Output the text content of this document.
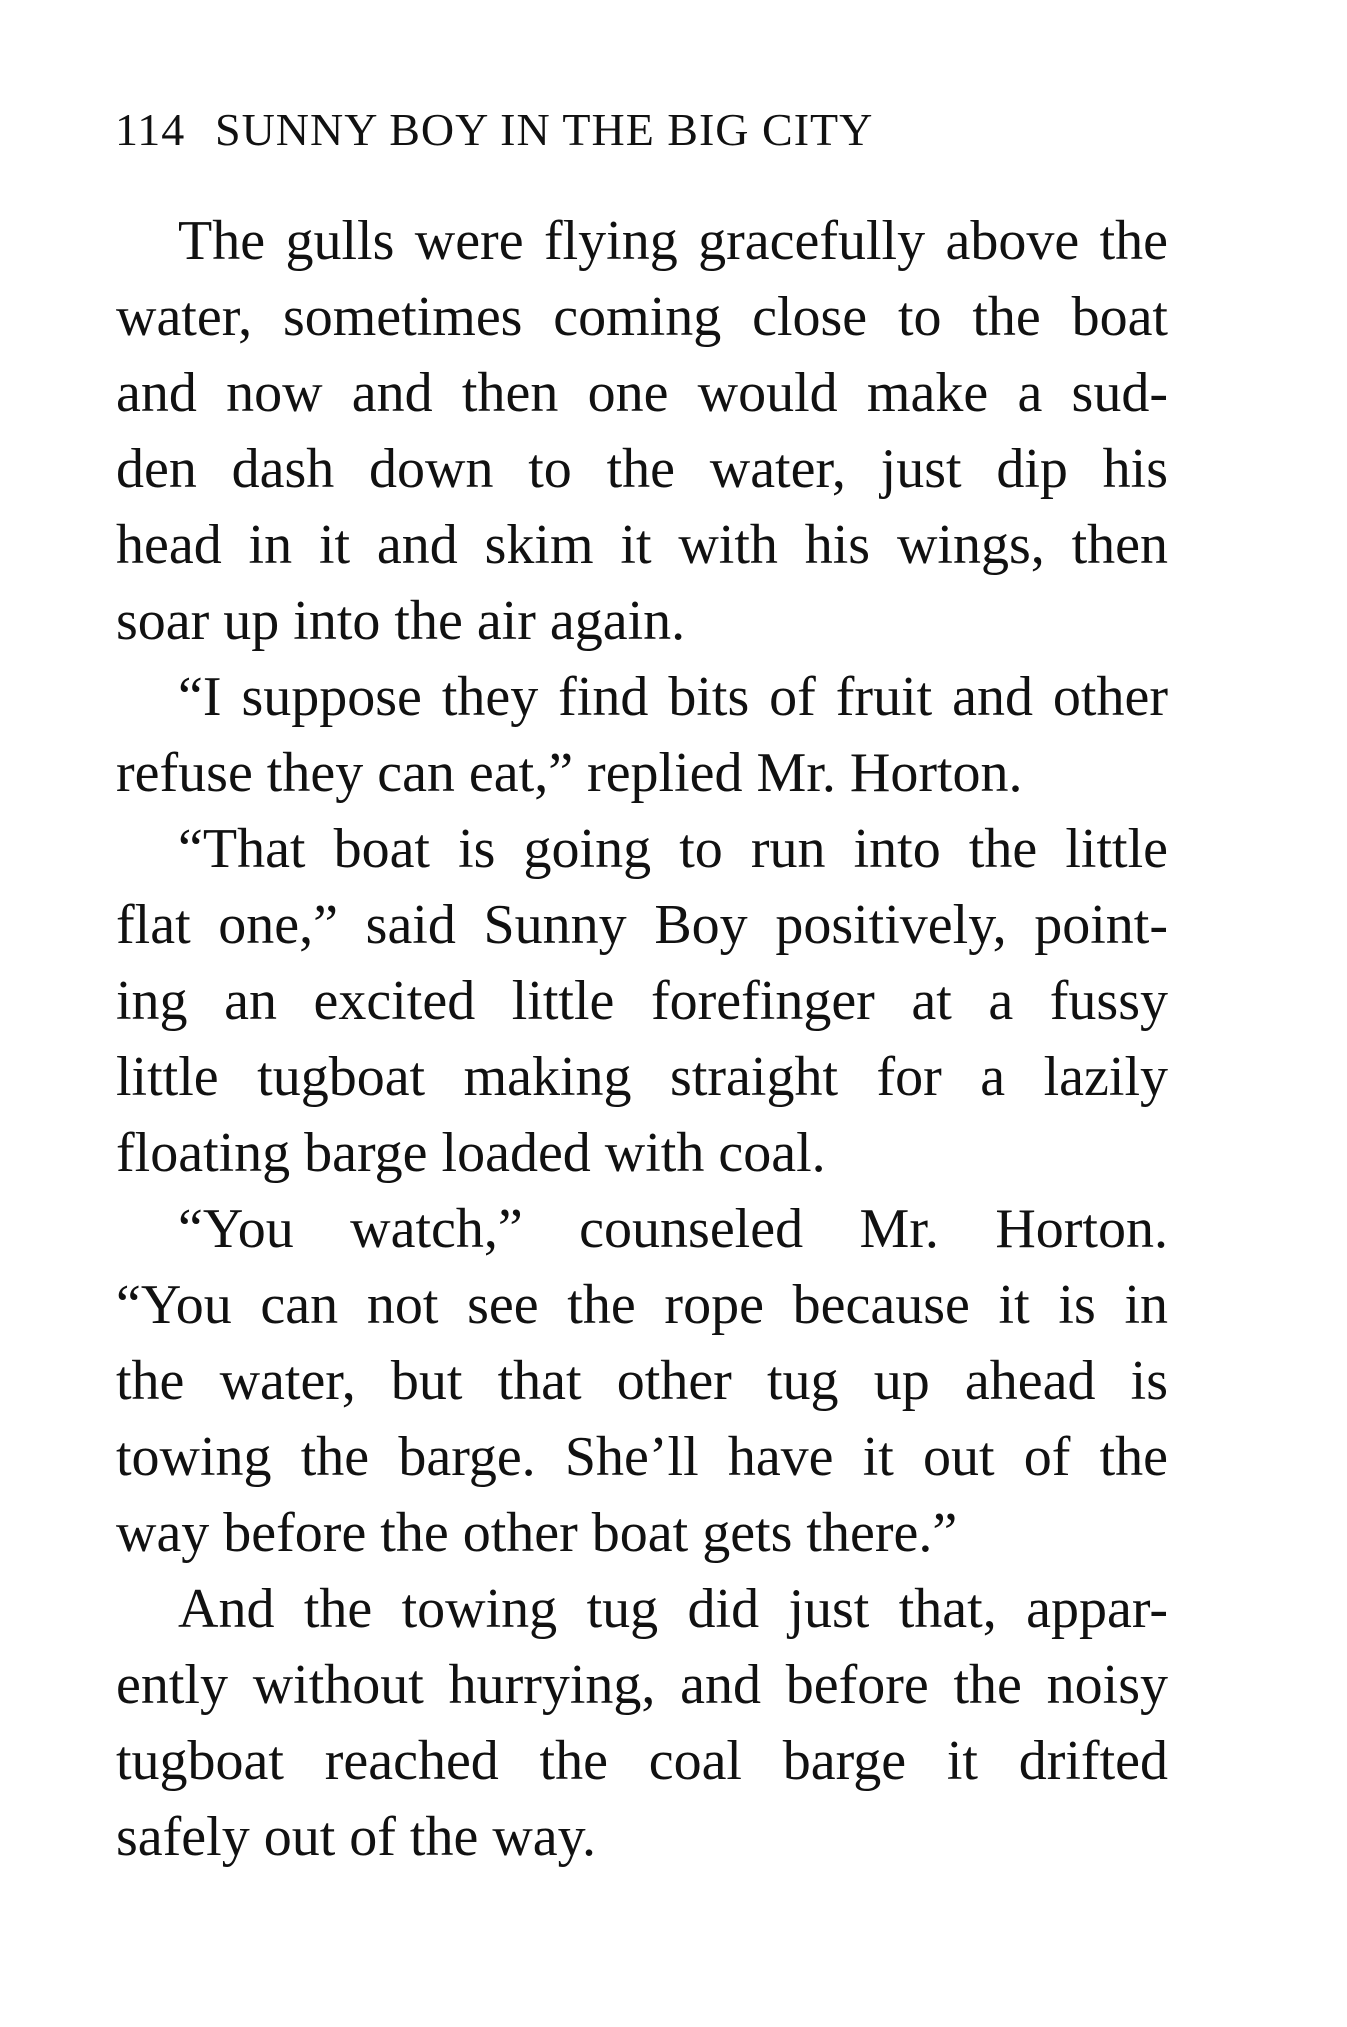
114 SUNNY BOY IN THE BIG CITY
The gulls were flying gracefully above the
water, sometimes coming close to the boat
and now and then one would make a sud-
den dash down to the water, just dip his
head in it and skim it with his wings, then
soar up into the air again.
“I suppose they find bits of fruit and other
refuse they can eat,” replied Mr. Horton.
“That boat is going to run into the little
flat one,” said Sunny Boy positively, point-
ing an excited little forefinger at a fussy
little tugboat making straight for a lazily
floating barge loaded with coal.
“You watch,” counseled Mr. Horton.
“You can not see the rope because it is in
the water, but that other tug up ahead is
towing the barge. She’ll have it out of the
way before the other boat gets there.”
And the towing tug did just that, appar-
ently without hurrying, and before the noisy
tugboat reached the coal barge it drifted
safely out of the way.
